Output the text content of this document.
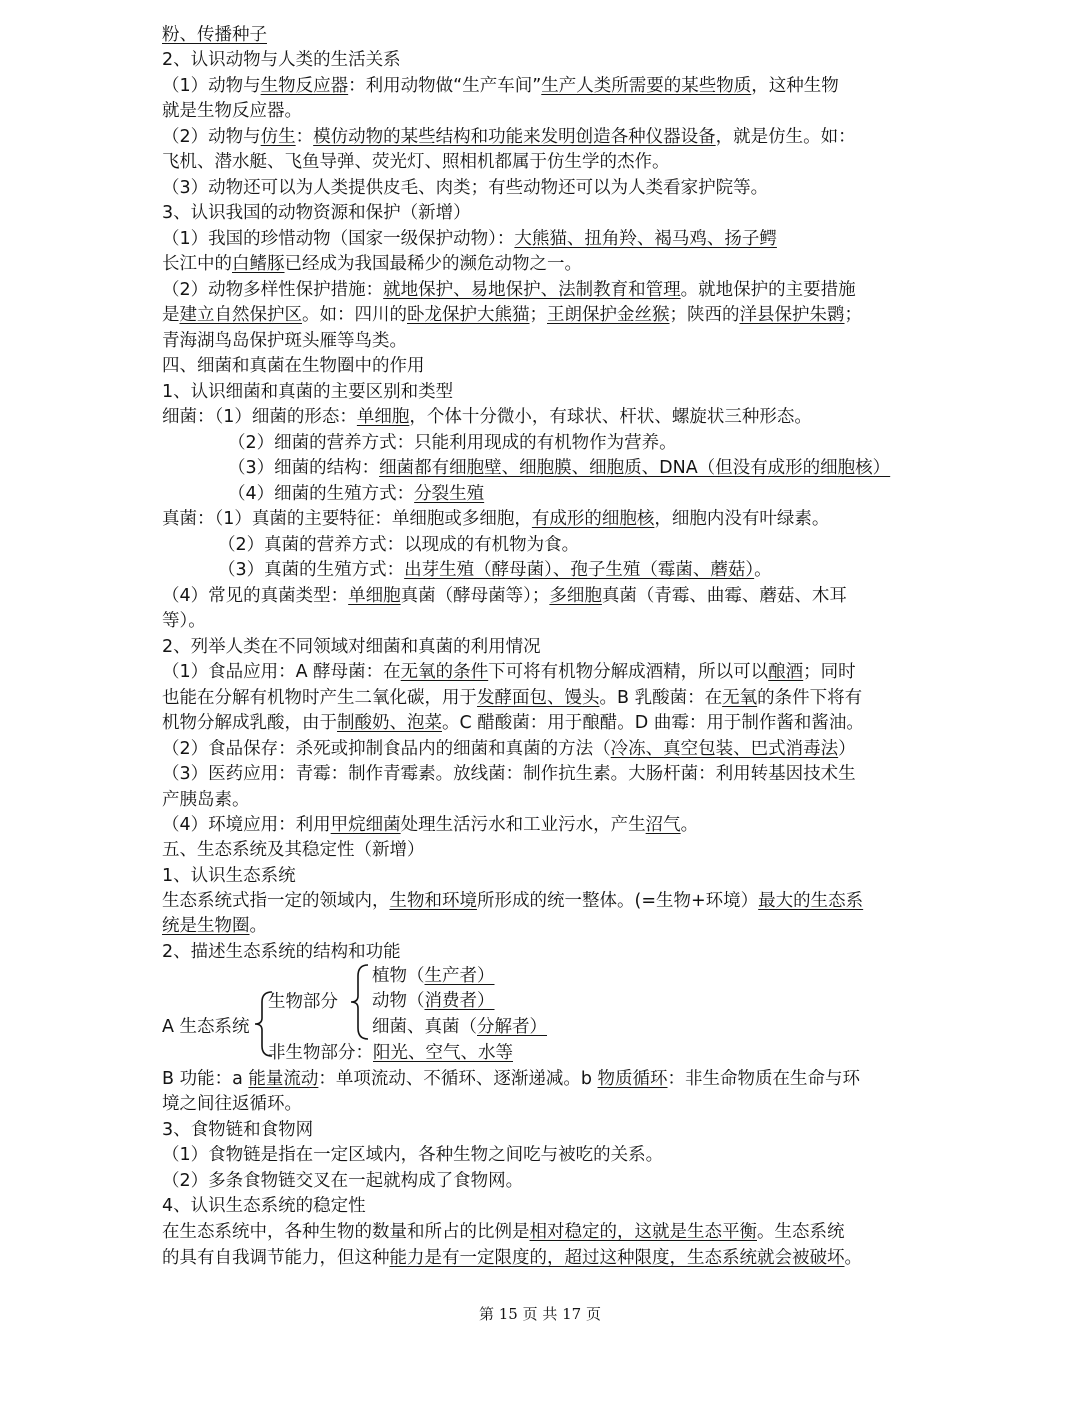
粉、传播种子
2、认识动物与人类的生活关系
（1）动物与生物反应器：利用动物做“生产车间”生产人类所需要的某些物质，这种生物
就是生物反应器。
（2）动物与仿生：模仿动物的某些结构和功能来发明创造各种仪器设备，就是仿生。如：
飞机、潜水艇、飞鱼导弹、荧光灯、照相机都属于仿生学的杰作。
（3）动物还可以为人类提供皮毛、肉类；有些动物还可以为人类看家护院等。
3、认识我国的动物资源和保护（新增）
（1）我国的珍惜动物（国家一级保护动物）：大熊猫、扭角羚、褐马鸡、扬子鳄
长江中的白鳍豚已经成为我国最稀少的濒危动物之一。
（2）动物多样性保护措施：就地保护、易地保护、法制教育和管理。就地保护的主要措施
是建立自然保护区。如：四川的卧龙保护大熊猫；王朗保护金丝猴；陕西的洋县保护朱鹮；
青海湖鸟岛保护斑头雁等鸟类。
四、细菌和真菌在生物圈中的作用
1、认识细菌和真菌的主要区别和类型
细菌：（1）细菌的形态：单细胞，个体十分微小，有球状、杆状、螺旋状三种形态。
（2）细菌的营养方式：只能利用现成的有机物作为营养。
（3）细菌的结构：细菌都有细胞壁、细胞膜、细胞质、DNA（但没有成形的细胞核）
（4）细菌的生殖方式：分裂生殖
真菌：（1）真菌的主要特征：单细胞或多细胞，有成形的细胞核，细胞内没有叶绿素。
（2）真菌的营养方式：以现成的有机物为食。
（3）真菌的生殖方式：出芽生殖（酵母菌）、孢子生殖（霉菌、蘑菇）。
（4）常见的真菌类型：单细胞真菌（酵母菌等）；多细胞真菌（青霉、曲霉、蘑菇、木耳
等）。
2、列举人类在不同领域对细菌和真菌的利用情况
（1）食品应用：A 酵母菌：在无氧的条件下可将有机物分解成酒精，所以可以酿酒；同时
也能在分解有机物时产生二氧化碳，用于发酵面包、馒头。B 乳酸菌：在无氧的条件下将有
机物分解成乳酸，由于制酸奶、泡菜。C 醋酸菌：用于酿醋。D 曲霉：用于制作酱和酱油。
（2）食品保存：杀死或抑制食品内的细菌和真菌的方法（冷冻、真空包装、巴式消毒法）
（3）医药应用：青霉：制作青霉素。放线菌：制作抗生素。大肠杆菌：利用转基因技术生
产胰岛素。
（4）环境应用：利用甲烷细菌处理生活污水和工业污水，产生沼气。
五、生态系统及其稳定性（新增）
1、认识生态系统
生态系统式指一定的领域内，生物和环境所形成的统一整体。(=生物+环境）最大的生态系
统是生物圈。
2、描述生态系统的结构和功能
A 生态系统
生物部分
植物（生产者）
动物（消费者）
细菌、真菌（分解者）
非生物部分：阳光、空气、水等
B 功能：a 能量流动：单项流动、不循环、逐渐递减。b 物质循环：非生命物质在生命与环
境之间往返循环。
3、食物链和食物网
（1）食物链是指在一定区域内，各种生物之间吃与被吃的关系。
（2）多条食物链交叉在一起就构成了食物网。
4、认识生态系统的稳定性
在生态系统中，各种生物的数量和所占的比例是相对稳定的，这就是生态平衡。生态系统
的具有自我调节能力，但这种能力是有一定限度的，超过这种限度，生态系统就会被破坏。
第 15 页 共 17 页
